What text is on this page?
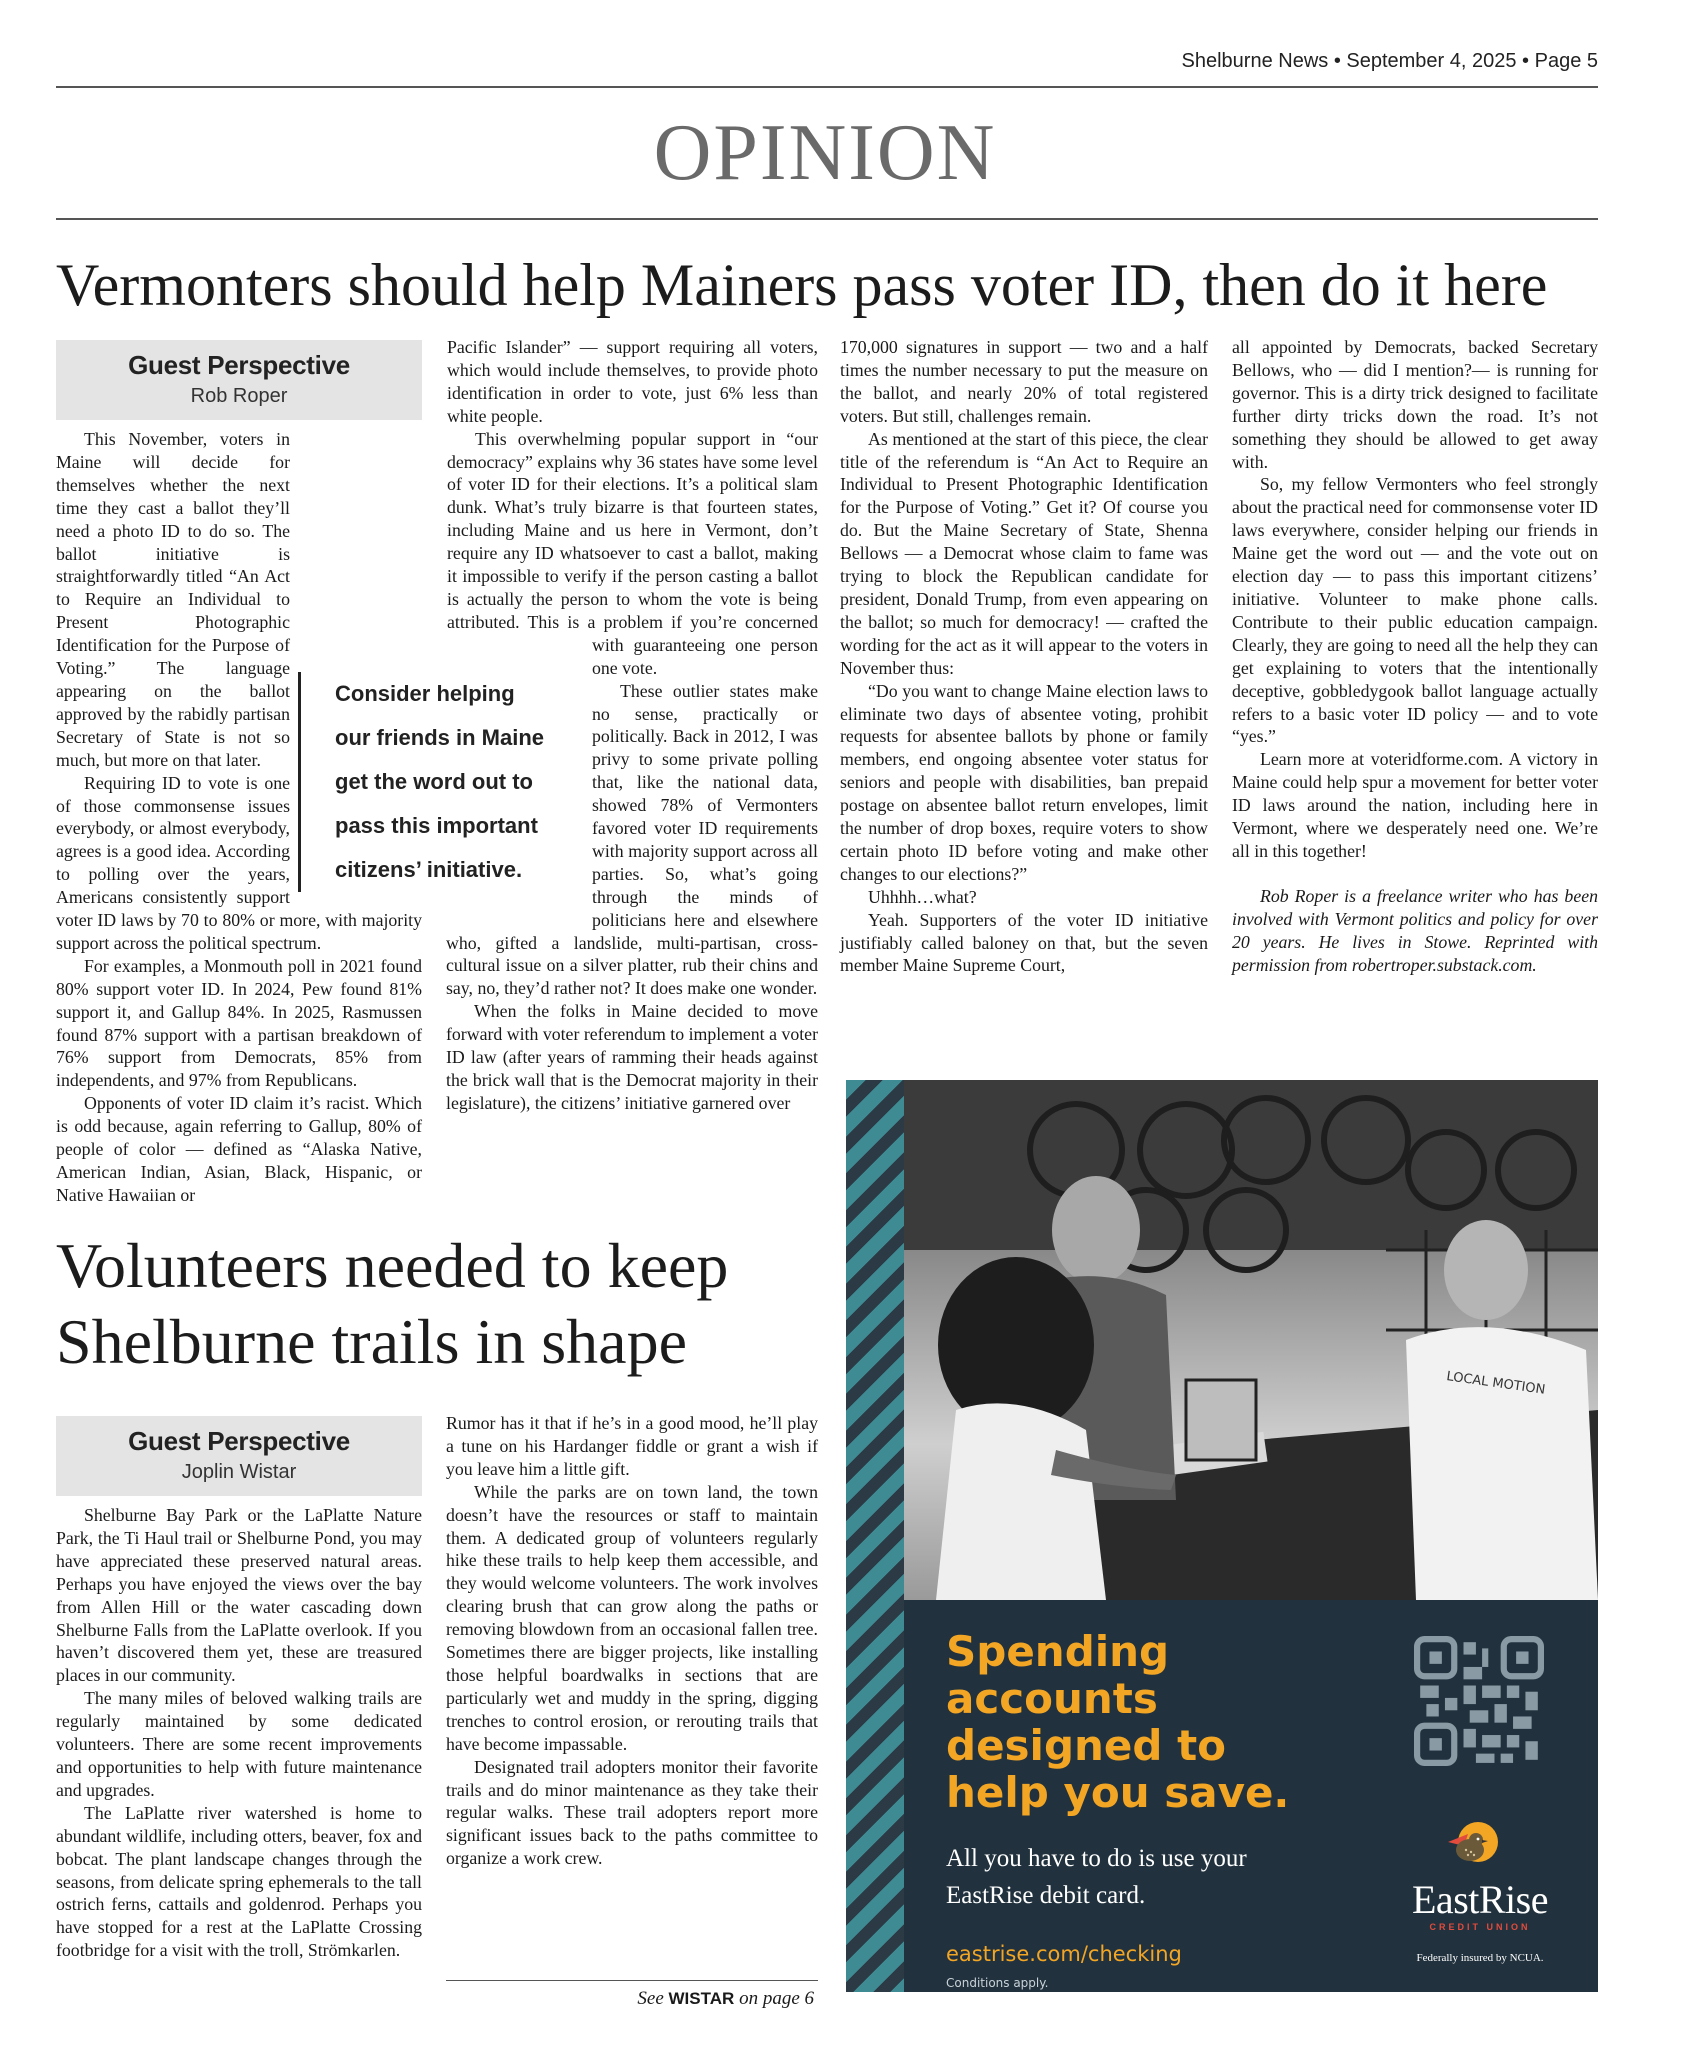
Shelburne News • September 4, 2025 • Page 5
OPINION
Vermonters should help Mainers pass voter ID, then do it here
Guest Perspective
Rob Roper

This November, voters in Maine will decide for themselves whether the next time they cast a ballot they’ll need a photo ID to do so. The ballot initiative is straightforwardly titled “An Act to Require an Individual to Present Photographic Identification for the Purpose of Voting.” The language appearing on the ballot approved by the rabidly partisan Secretary of State is not so much, but more on that later.

Requiring ID to vote is one of those commonsense issues everybody, or almost everybody, agrees is a good idea. According to polling over the years, Americans consistently support voter ID laws by 70 to 80% or more, with majority support across the political spectrum.

For examples, a Monmouth poll in 2021 found 80% support voter ID. In 2024, Pew found 81% support it, and Gallup 84%. In 2025, Rasmussen found 87% support with a partisan breakdown of 76% support from Democrats, 85% from independents, and 97% from Republicans.

Opponents of voter ID claim it’s racist. Which is odd because, again referring to Gallup, 80% of people of color — defined as “Alaska Native, American Indian, Asian, Black, Hispanic, or Native Hawaiian or

Consider helping
our friends in Maine
get the word out to
pass this important
citizens’ initiative.

Pacific Islander” — support requiring all voters, which would include themselves, to provide photo identification in order to vote, just 6% less than white people.

This overwhelming popular support in “our democracy” explains why 36 states have some level of voter ID for their elections. It’s a political slam dunk. What’s truly bizarre is that fourteen states, including Maine and us here in Vermont, don’t require any ID whatsoever to cast a ballot, making it impossible to verify if the person casting a ballot is actually the person to whom the vote is being attributed. This is a problem if you’re concerned with guaranteeing one person one vote.

These outlier states make no sense, practically or politically. Back in 2012, I was privy to some private polling that, like the national data, showed 78% of Vermonters favored voter ID requirements with majority support across all parties. So, what’s going through the minds of politicians here and elsewhere who, gifted a landslide, multi-partisan, cross-cultural issue on a silver platter, rub their chins and say, no, they’d rather not? It does make one wonder.

When the folks in Maine decided to move forward with voter referendum to implement a voter ID law (after years of ramming their heads against the brick wall that is the Democrat majority in their legislature), the citizens’ initiative garnered over

170,000 signatures in support — two and a half times the number necessary to put the measure on the ballot, and nearly 20% of total registered voters. But still, challenges remain.

As mentioned at the start of this piece, the clear title of the referendum is “An Act to Require an Individual to Present Photographic Identification for the Purpose of Voting.” Get it? Of course you do. But the Maine Secretary of State, Shenna Bellows — a Democrat whose claim to fame was trying to block the Republican candidate for president, Donald Trump, from even appearing on the ballot; so much for democracy! — crafted the wording for the act as it will appear to the voters in November thus:

“Do you want to change Maine election laws to eliminate two days of absentee voting, prohibit requests for absentee ballots by phone or family members, end ongoing absentee voter status for seniors and people with disabilities, ban prepaid postage on absentee ballot return envelopes, limit the number of drop boxes, require voters to show certain photo ID before voting and make other changes to our elections?”

Uhhhh…what?

Yeah. Supporters of the voter ID initiative justifiably called baloney on that, but the seven member Maine Supreme Court,

all appointed by Democrats, backed Secretary Bellows, who — did I mention?— is running for governor. This is a dirty trick designed to facilitate further dirty tricks down the road. It’s not something they should be allowed to get away with.

So, my fellow Vermonters who feel strongly about the practical need for commonsense voter ID laws everywhere, consider helping our friends in Maine get the word out — and the vote out on election day — to pass this important citizens’ initiative. Volunteer to make phone calls. Contribute to their public education campaign. Clearly, they are going to need all the help they can get explaining to voters that the intentionally deceptive, gobbledygook ballot language actually refers to a basic voter ID policy — and to vote “yes.”

Learn more at voteridforme.com. A victory in Maine could help spur a movement for better voter ID laws around the nation, including here in Vermont, where we desperately need one. We’re all in this together!

Rob Roper is a freelance writer who has been involved with Vermont politics and policy for over 20 years. He lives in Stowe. Reprinted with permission from robertroper.substack.com.

Volunteers needed to keep Shelburne trails in shape
Guest Perspective
Joplin Wistar

Shelburne Bay Park or the LaPlatte Nature Park, the Ti Haul trail or Shelburne Pond, you may have appreciated these preserved natural areas. Perhaps you have enjoyed the views over the bay from Allen Hill or the water cascading down Shelburne Falls from the LaPlatte overlook. If you haven’t discovered them yet, these are treasured places in our community.

The many miles of beloved walking trails are regularly maintained by some dedicated volunteers. There are some recent improvements and opportunities to help with future maintenance and upgrades.

The LaPlatte river watershed is home to abundant wildlife, including otters, beaver, fox and bobcat. The plant landscape changes through the seasons, from delicate spring ephemerals to the tall ostrich ferns, cattails and goldenrod. Perhaps you have stopped for a rest at the LaPlatte Crossing footbridge for a visit with the troll, Strömkarlen.

Rumor has it that if he’s in a good mood, he’ll play a tune on his Hardanger fiddle or grant a wish if you leave him a little gift.

While the parks are on town land, the town doesn’t have the resources or staff to maintain them. A dedicated group of volunteers regularly hike these trails to help keep them accessible, and they would welcome volunteers. The work involves clearing brush that can grow along the paths or removing blowdown from an occasional fallen tree. Sometimes there are bigger projects, like installing those helpful boardwalks in sections that are particularly wet and muddy in the spring, digging trenches to control erosion, or rerouting trails that have become impassable.

Designated trail adopters monitor their favorite trails and do minor maintenance as they take their regular walks. These trail adopters report more significant issues back to the paths committee to organize a work crew.

See WISTAR on page 6
LOCAL MOTION
Spending
accounts
designed to
help you save.
All you have to do is use your
EastRise debit card.
eastrise.com/checking
Conditions apply.
EastRise
CREDIT UNION
Federally insured by NCUA.
